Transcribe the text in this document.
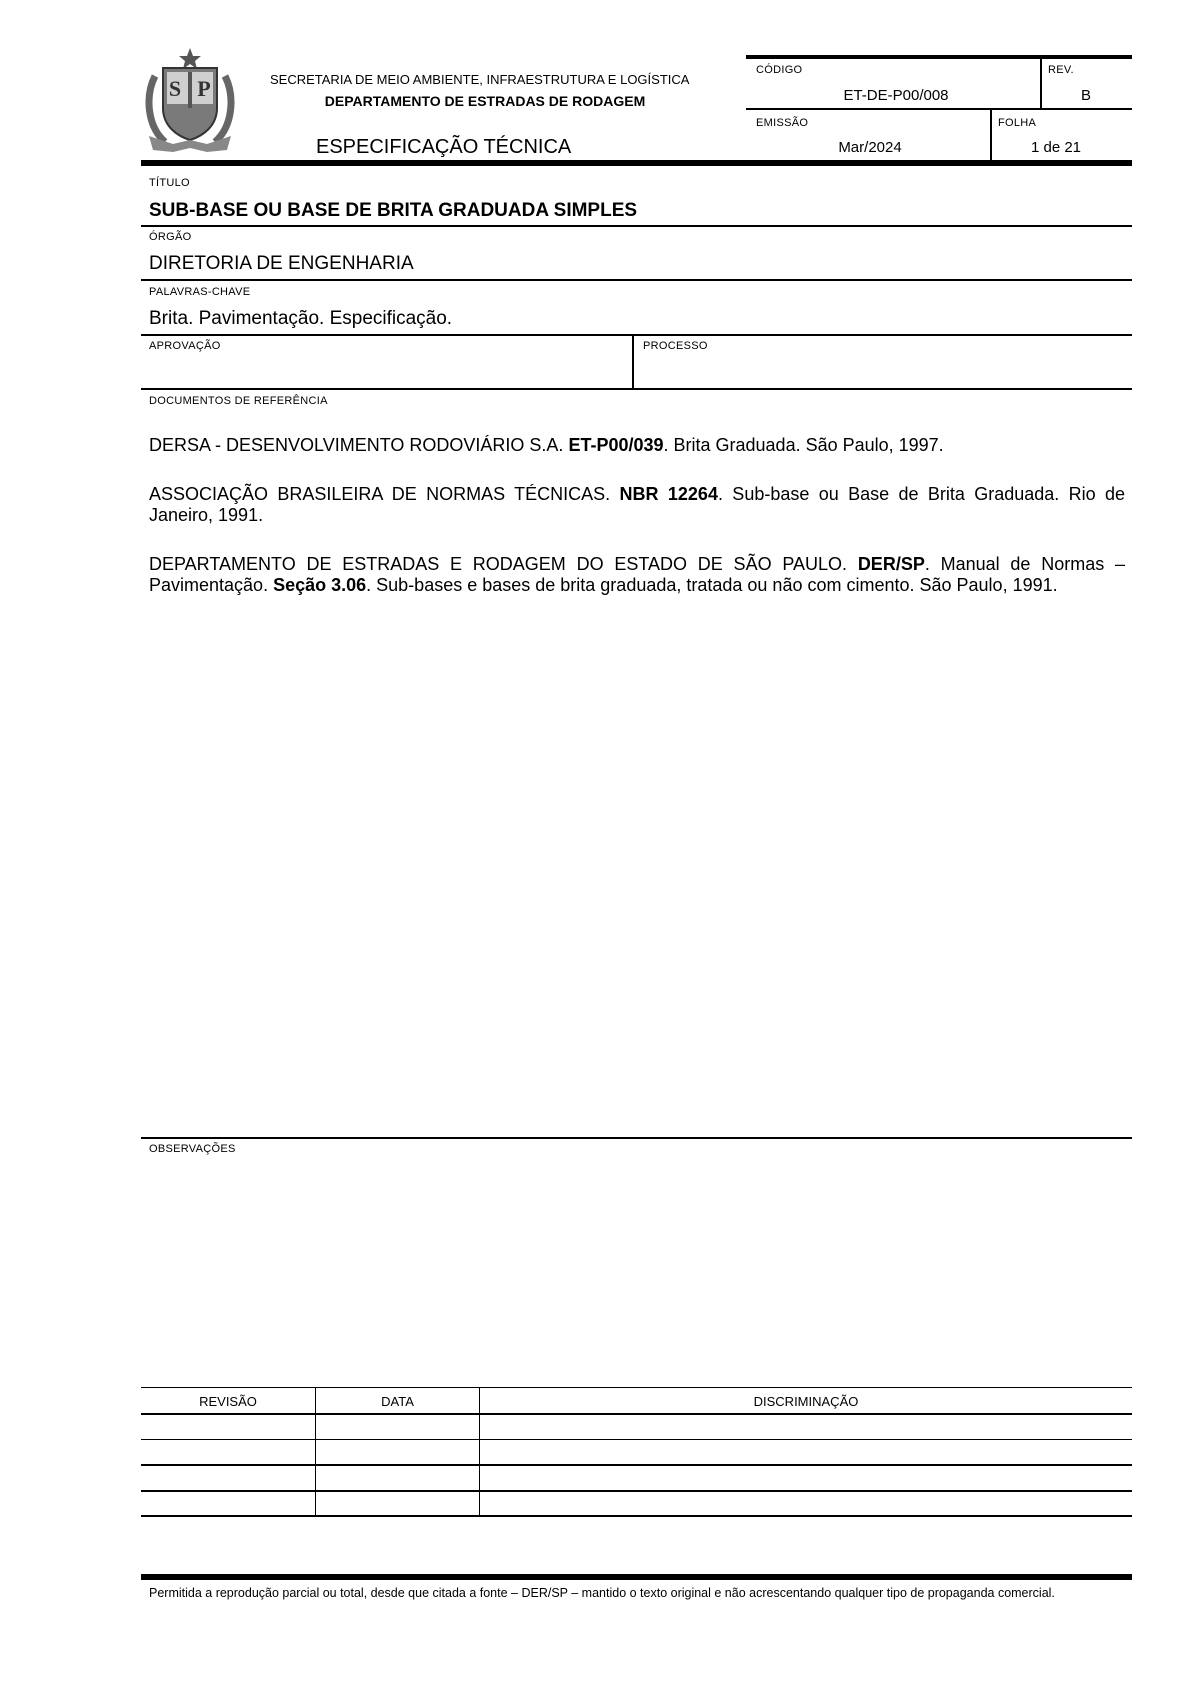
S P	SECRETARIA DE MEIO AMBIENTE, INFRAESTRUTURA E LOGÍSTICA
DEPARTAMENTO DE ESTRADAS DE RODAGEM
ESPECIFICAÇÃO TÉCNICA
CÓDIGO
ET-DE-P00/008
REV.
B
EMISSÃO
Mar/2024
FOLHA
1 de 21
TÍTULO
SUB-BASE OU BASE DE BRITA GRADUADA SIMPLES
ÓRGÃO
DIRETORIA DE ENGENHARIA
PALAVRAS-CHAVE
Brita. Pavimentação. Especificação.
APROVAÇÃO	PROCESSO
DOCUMENTOS DE REFERÊNCIA

DERSA - DESENVOLVIMENTO RODOVIÁRIO S.A. ET-P00/039. Brita Graduada. São Paulo, 1997.

ASSOCIAÇÃO BRASILEIRA DE NORMAS TÉCNICAS. NBR 12264. Sub-base ou Base de Brita Graduada. Rio de Janeiro, 1991.

DEPARTAMENTO DE ESTRADAS E RODAGEM DO ESTADO DE SÃO PAULO. DER/SP. Manual de Normas – Pavimentação. Seção 3.06. Sub-bases e bases de brita graduada, tratada ou não com cimento. São Paulo, 1991.

OBSERVAÇÕES
REVISÃO	DATA	DISCRIMINAÇÃO
Permitida a reprodução parcial ou total, desde que citada a fonte – DER/SP – mantido o texto original e não acrescentando qualquer tipo de propaganda comercial.
